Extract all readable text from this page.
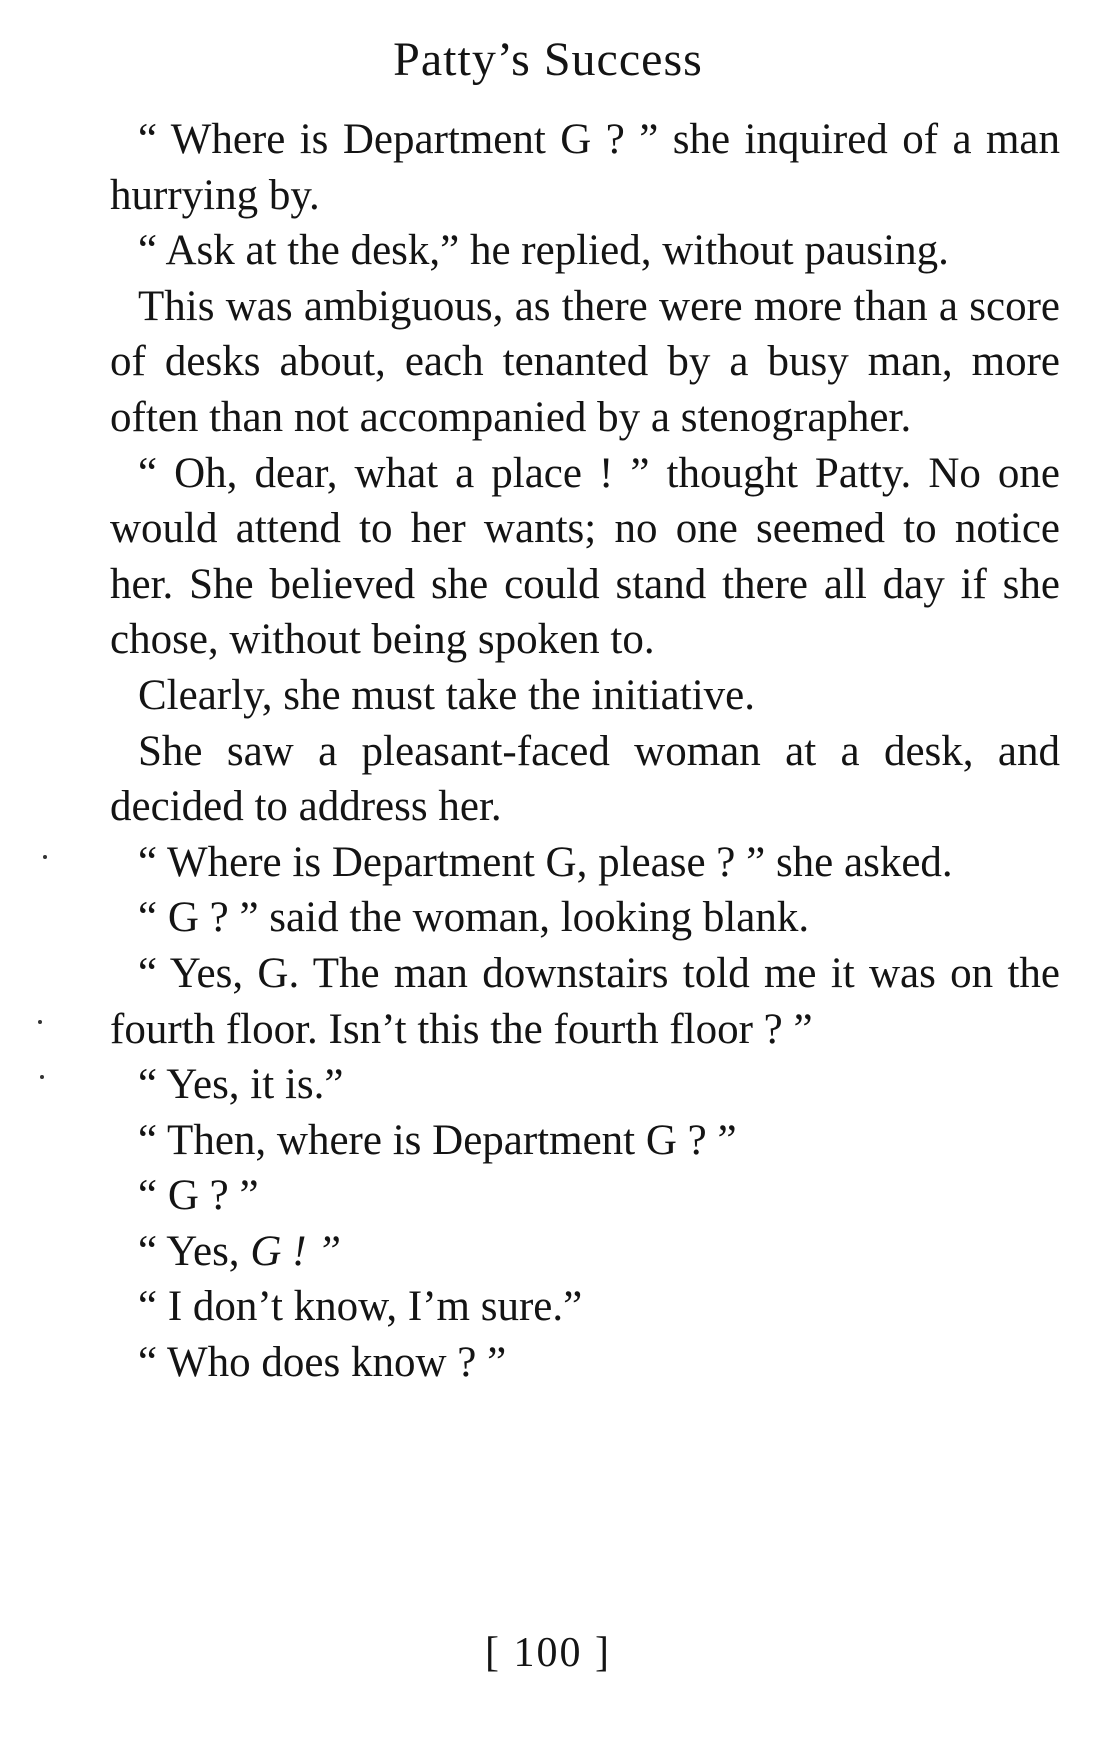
Patty’s Success

“ Where is Department G ? ” she inquired of a man hurrying by.

“ Ask at the desk,” he replied, without pausing.

This was ambiguous, as there were more than a score of desks about, each tenanted by a busy man, more often than not accompanied by a stenographer.

“ Oh, dear, what a place ! ” thought Patty. No one would attend to her wants; no one seemed to notice her. She believed she could stand there all day if she chose, without being spoken to.

Clearly, she must take the initiative.

She saw a pleasant-faced woman at a desk, and decided to address her.

“ Where is Department G, please ? ” she asked.

“ G ? ” said the woman, looking blank.

“ Yes, G. The man downstairs told me it was on the fourth floor. Isn’t this the fourth floor ? ”

“ Yes, it is.”

“ Then, where is Department G ? ”

“ G ? ”

“ Yes, G ! ”

“ I don’t know, I’m sure.”

“ Who does know ? ”

[ 100 ]
